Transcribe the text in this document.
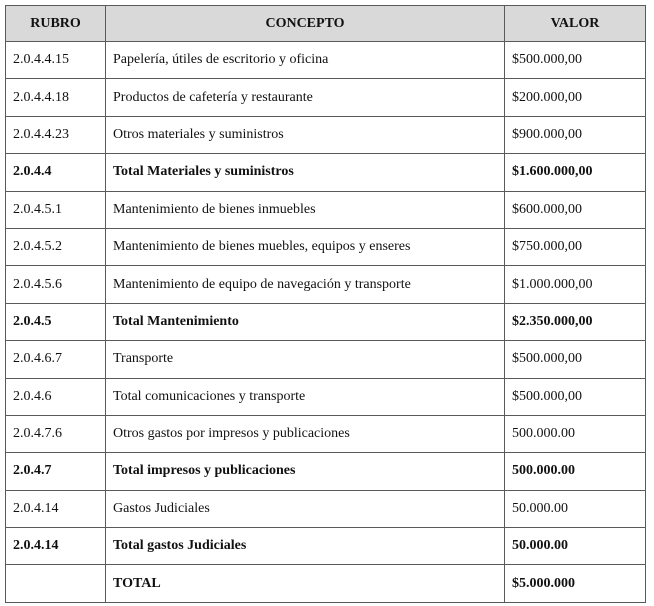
RUBRO	CONCEPTO	VALOR
2.0.4.4.15	Papelería, útiles de escritorio y oficina	$500.000,00
2.0.4.4.18	Productos de cafetería y restaurante	$200.000,00
2.0.4.4.23	Otros materiales y suministros	$900.000,00
2.0.4.4	Total Materiales y suministros	$1.600.000,00
2.0.4.5.1	Mantenimiento de bienes inmuebles	$600.000,00
2.0.4.5.2	Mantenimiento de bienes muebles, equipos y enseres	$750.000,00
2.0.4.5.6	Mantenimiento de equipo de navegación y transporte	$1.000.000,00
2.0.4.5	Total Mantenimiento	$2.350.000,00
2.0.4.6.7	Transporte	$500.000,00
2.0.4.6	Total comunicaciones y transporte	$500.000,00
2.0.4.7.6	Otros gastos por impresos y publicaciones	500.000.00
2.0.4.7	Total impresos y publicaciones	500.000.00
2.0.4.14	Gastos Judiciales	50.000.00
2.0.4.14	Total gastos Judiciales	50.000.00
	TOTAL	$5.000.000
